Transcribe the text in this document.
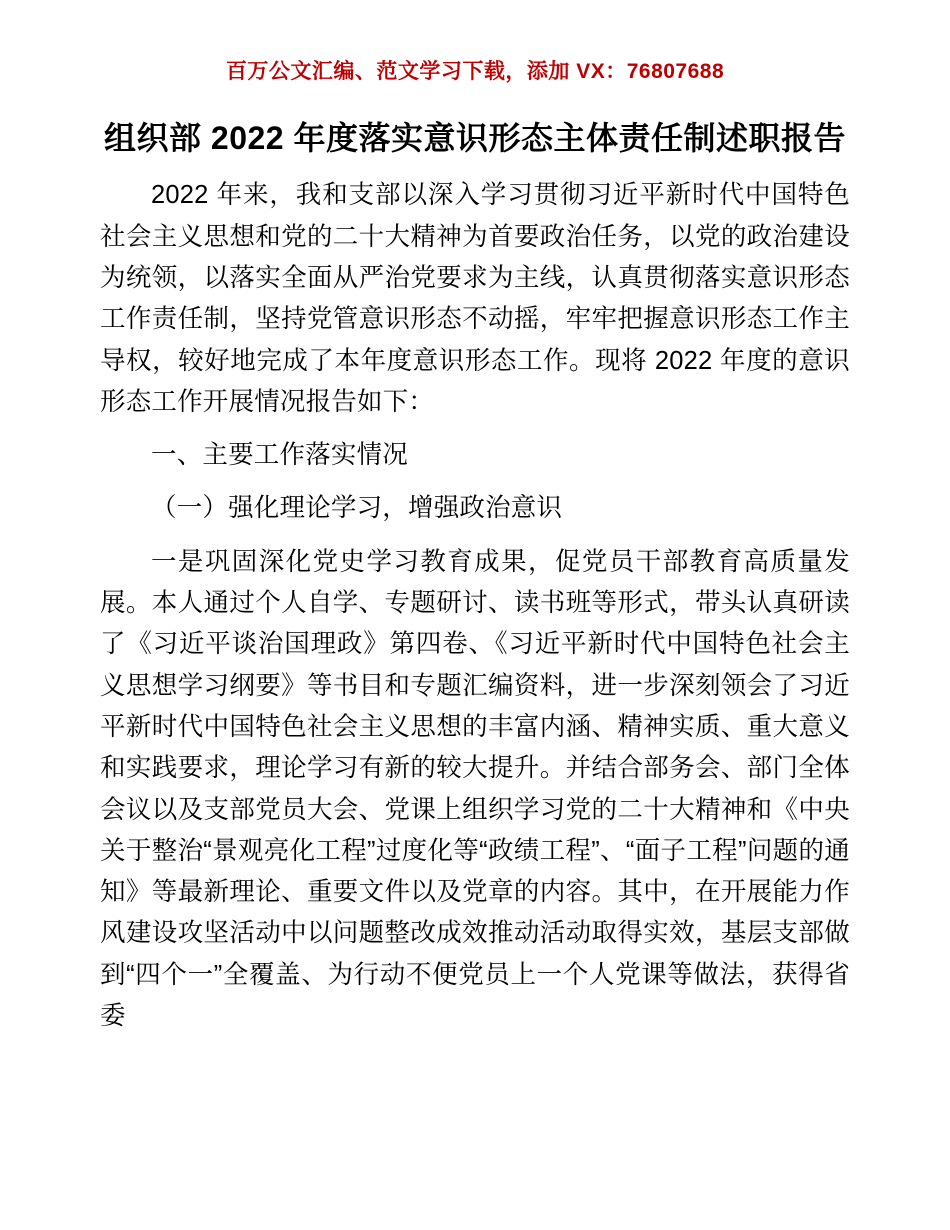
百万公文汇编、范文学习下载，添加 VX：76807688
组织部 2022 年度落实意识形态主体责任制述职报告

2022 年来，我和支部以深入学习贯彻习近平新时代中国特色社会主义思想和党的二十大精神为首要政治任务，以党的政治建设为统领，以落实全面从严治党要求为主线，认真贯彻落实意识形态工作责任制，坚持党管意识形态不动摇，牢牢把握意识形态工作主导权，较好地完成了本年度意识形态工作。现将 2022 年度的意识形态工作开展情况报告如下：

一、主要工作落实情况

（一）强化理论学习，增强政治意识

一是巩固深化党史学习教育成果，促党员干部教育高质量发展。本人通过个人自学、专题研讨、读书班等形式，带头认真研读了《习近平谈治国理政》第四卷、《习近平新时代中国特色社会主义思想学习纲要》等书目和专题汇编资料，进一步深刻领会了习近平新时代中国特色社会主义思想的丰富内涵、精神实质、重大意义和实践要求，理论学习有新的较大提升。并结合部务会、部门全体会议以及支部党员大会、党课上组织学习党的二十大精神和《中央关于整治“景观亮化工程”过度化等“政绩工程”、“面子工程”问题的通知》等最新理论、重要文件以及党章的内容。其中，在开展能力作风建设攻坚活动中以问题整改成效推动活动取得实效，基层支部做到“四个一”全覆盖、为行动不便党员上一个人党课等做法，获得省委
